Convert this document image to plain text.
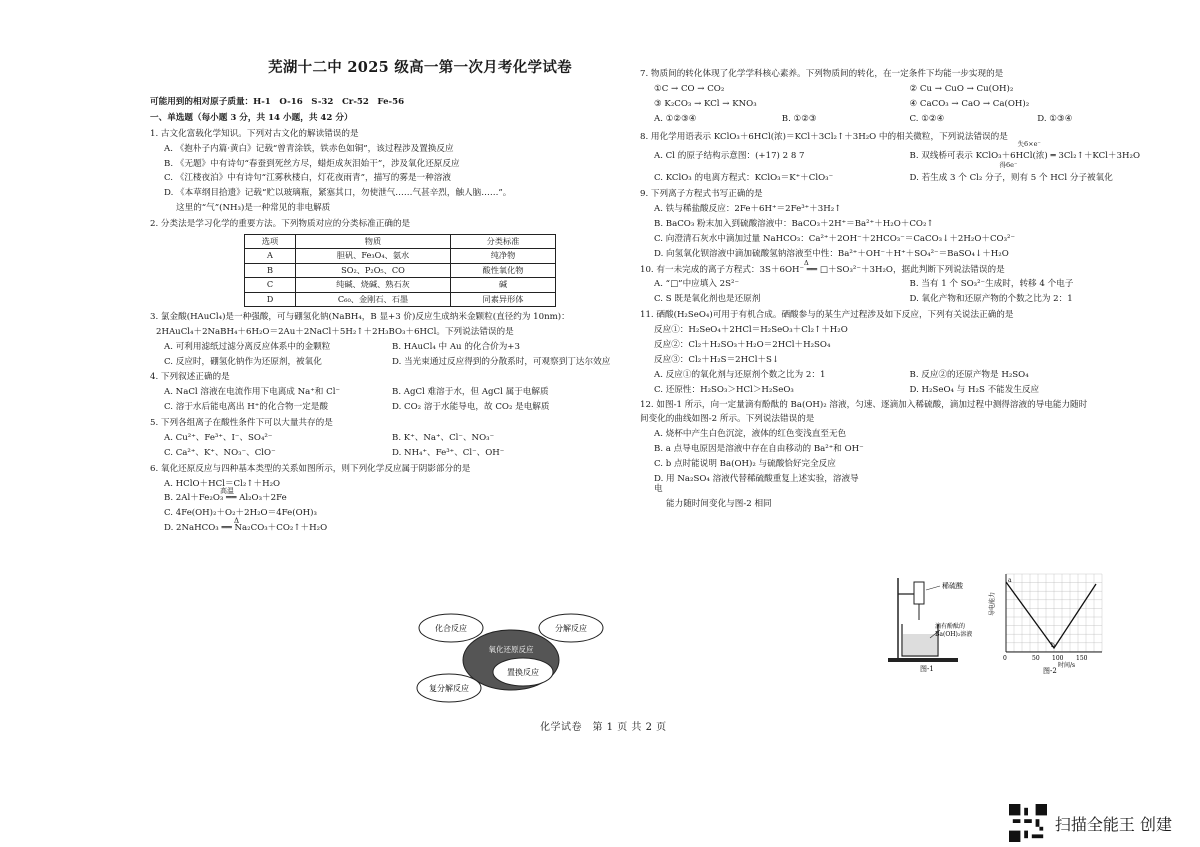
芜湖十二中 2025 级高一第一次月考化学试卷
可能用到的相对原子质量：H-1　O-16　S-32　Cr-52　Fe-56
一、单选题（每小题 3 分，共 14 小题，共 42 分）
1. 古文化富载化学知识。下列对古文化的解读错误的是
A. 《抱朴子内篇·黄白》记载“曾青涂铁，铁赤色如铜”，该过程涉及置换反应
B. 《无题》中有诗句“春蚕到死丝方尽，蜡炬成灰泪始干”，涉及氧化还原反应
C. 《江楼夜泊》中有诗句“江雾秋楼白，灯花夜雨青”，描写的雾是一种溶液
D. 《本草纲目拾遗》记载“贮以玻璃瓶，紧塞其口，勿使泄气……气甚辛烈，触人脑……”。
这里的“气”(NH₃)是一种常见的非电解质
2. 分类法是学习化学的重要方法。下列物质对应的分类标准正确的是
选项	物质	分类标准
A	胆矾、Fe₃O₄、氨水	纯净物
B	SO₂、P₂O₅、CO	酸性氧化物
C	纯碱、烧碱、熟石灰	碱
D	C₆₀、金刚石、石墨	同素异形体
3. 氯金酸(HAuCl₄)是一种强酸，可与硼氢化钠(NaBH₄，B 显+3 价)反应生成纳米金颗粒(直径约为 10nm)：
2HAuCl₄＋2NaBH₄＋6H₂O＝2Au＋2NaCl＋5H₂↑＋2H₃BO₃＋6HCl。下列说法错误的是
A. 可利用滤纸过滤分离反应体系中的金颗粒	B. HAuCl₄ 中 Au 的化合价为+3
C. 反应时，硼氢化钠作为还原剂，被氧化	D. 当光束通过反应得到的分散系时，可观察到丁达尔效应
4. 下列叙述正确的是
A. NaCl 溶液在电流作用下电离成 Na⁺和 Cl⁻	B. AgCl 难溶于水，但 AgCl 属于电解质
C. 溶于水后能电离出 H⁺的化合物一定是酸	D. CO₂ 溶于水能导电，故 CO₂ 是电解质
5. 下列各组离子在酸性条件下可以大量共存的是
A. Cu²⁺、Fe³⁺、I⁻、SO₄²⁻	B. K⁺、Na⁺、Cl⁻、NO₃⁻
C. Ca²⁺、K⁺、NO₃⁻、ClO⁻	D. NH₄⁺、Fe³⁺、Cl⁻、OH⁻
6. 氧化还原反应与四种基本类型的关系如图所示，则下列化学反应属于阴影部分的是
A. HClO＋HCl＝Cl₂↑＋H₂O
B. 2Al＋Fe₂O₃ ══ Al₂O₃＋2Fe
高温
C. 4Fe(OH)₂＋O₂＋2H₂O＝4Fe(OH)₃
D. 2NaHCO₃ ══ Na₂CO₃＋CO₂↑＋H₂O
Δ
化合反应	分解反应
复分解反应
置换反应
氧化还原反应
7. 物质间的转化体现了化学学科核心素养。下列物质间的转化，在一定条件下均能一步实现的是
①C → CO → CO₂	② Cu → CuO → Cu(OH)₂
③ K₂CO₃ → KCl → KNO₃	④ CaCO₃ → CaO → Ca(OH)₂
A. ①②③④	B. ①②③	C. ①②④	D. ①③④
8. 用化学用语表示 KClO₃＋6HCl(浓)＝KCl＋3Cl₂↑＋3H₂O 中的相关微粒，下列说法错误的是
A. Cl 的原子结构示意图：(+17) 2 8 7
失6×e⁻
B. 双线桥可表示 KClO₃＋6HCl(浓) ═ 3Cl₂↑＋KCl＋3H₂O
得6e⁻
C. KClO₃ 的电离方程式：KClO₃＝K⁺＋ClO₃⁻	D. 若生成 3 个 Cl₂ 分子，则有 5 个 HCl 分子被氧化
9. 下列离子方程式书写正确的是
A. 铁与稀盐酸反应：2Fe＋6H⁺＝2Fe³⁺＋3H₂↑
B. BaCO₃ 粉末加入到硫酸溶液中：BaCO₃＋2H⁺＝Ba²⁺＋H₂O＋CO₂↑
C. 向澄清石灰水中滴加过量 NaHCO₃：Ca²⁺＋2OH⁻＋2HCO₃⁻＝CaCO₃↓＋2H₂O＋CO₃²⁻
D. 向氢氧化钡溶液中滴加硫酸氢钠溶液至中性：Ba²⁺＋OH⁻＋H⁺＋SO₄²⁻＝BaSO₄↓＋H₂O
10. 有一未完成的离子方程式：3S＋6OH⁻ ══ □＋SO₃²⁻＋3H₂O，据此判断下列说法错误的是
Δ
A. “□”中应填入 2S²⁻	B. 当有 1 个 SO₃²⁻生成时，转移 4 个电子
C. S 既是氧化剂也是还原剂	D. 氧化产物和还原产物的个数之比为 2：1
11. 硒酸(H₂SeO₄)可用于有机合成。硒酸参与的某生产过程涉及如下反应，下列有关说法正确的是
反应①：H₂SeO₄＋2HCl＝H₂SeO₃＋Cl₂↑＋H₂O
反应②：Cl₂＋H₂SO₃＋H₂O＝2HCl＋H₂SO₄
反应③：Cl₂＋H₂S＝2HCl＋S↓
A. 反应①的氧化剂与还原剂个数之比为 2：1	B. 反应②的还原产物是 H₂SO₄
C. 还原性：H₂SO₃＞HCl＞H₂SeO₃	D. H₂SeO₄ 与 H₂S 不能发生反应
12. 如图-1 所示，向一定量滴有酚酞的 Ba(OH)₂ 溶液，匀速、逐滴加入稀硫酸，滴加过程中测得溶液的导电能力随时
间变化的曲线如图-2 所示。下列说法错误的是
A. 烧杯中产生白色沉淀，液体的红色变浅直至无色
B. a 点导电原因是溶液中存在自由移动的 Ba²⁺和 OH⁻
C. b 点时能说明 Ba(OH)₂ 与硫酸恰好完全反应
D. 用 Na₂SO₄ 溶液代替稀硫酸重复上述实验，溶液导电
能力随时间变化与图-2 相同
稀硫酸
滴有酚酞的
Ba(OH)₂溶液
图-1
导电能力
a
b
0	50 100 150
时间/s
图-2
化学试卷　第 1 页 共 2 页
扫描全能王 创建
